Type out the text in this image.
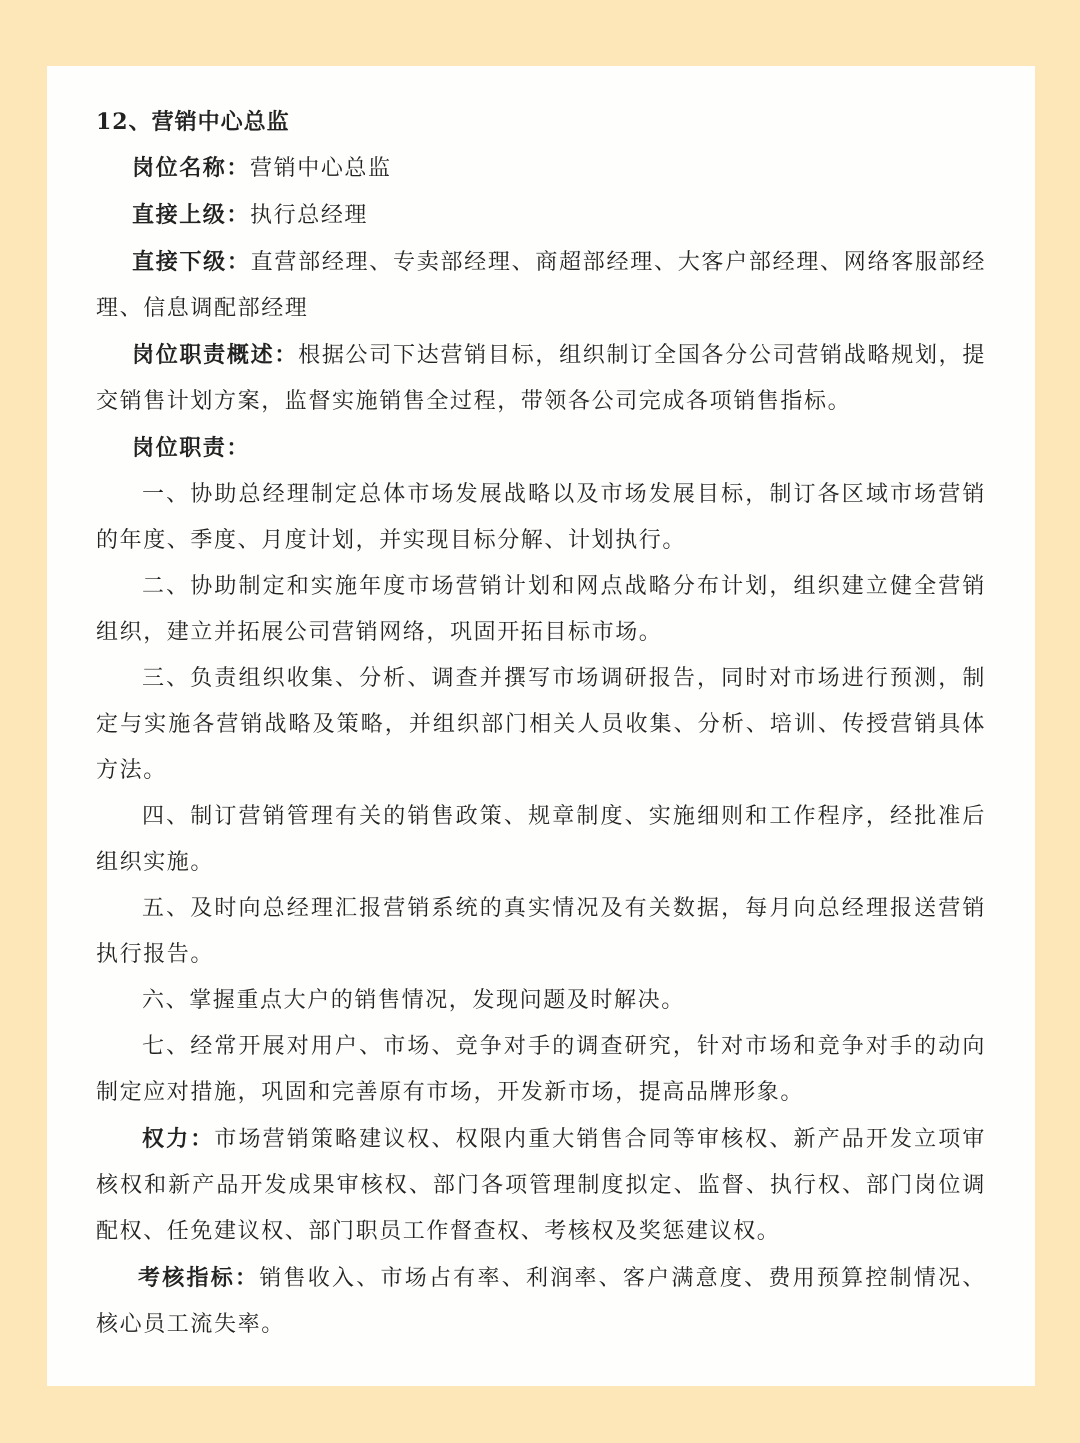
12、营销中心总监

岗位名称：营销中心总监

直接上级：执行总经理

直接下级：直营部经理、专卖部经理、商超部经理、大客户部经理、网络客服部经理、信息调配部经理

岗位职责概述：根据公司下达营销目标，组织制订全国各分公司营销战略规划，提交销售计划方案，监督实施销售全过程，带领各公司完成各项销售指标。

岗位职责：

一、协助总经理制定总体市场发展战略以及市场发展目标，制订各区域市场营销的年度、季度、月度计划，并实现目标分解、计划执行。

二、协助制定和实施年度市场营销计划和网点战略分布计划，组织建立健全营销组织，建立并拓展公司营销网络，巩固开拓目标市场。

三、负责组织收集、分析、调查并撰写市场调研报告，同时对市场进行预测，制定与实施各营销战略及策略，并组织部门相关人员收集、分析、培训、传授营销具体方法。

四、制订营销管理有关的销售政策、规章制度、实施细则和工作程序，经批准后组织实施。

五、及时向总经理汇报营销系统的真实情况及有关数据，每月向总经理报送营销执行报告。

六、掌握重点大户的销售情况，发现问题及时解决。

七、经常开展对用户、市场、竞争对手的调查研究，针对市场和竞争对手的动向制定应对措施，巩固和完善原有市场，开发新市场，提高品牌形象。

权力：市场营销策略建议权、权限内重大销售合同等审核权、新产品开发立项审核权和新产品开发成果审核权、部门各项管理制度拟定、监督、执行权、部门岗位调配权、任免建议权、部门职员工作督查权、考核权及奖惩建议权。

考核指标：销售收入、市场占有率、利润率、客户满意度、费用预算控制情况、核心员工流失率。
